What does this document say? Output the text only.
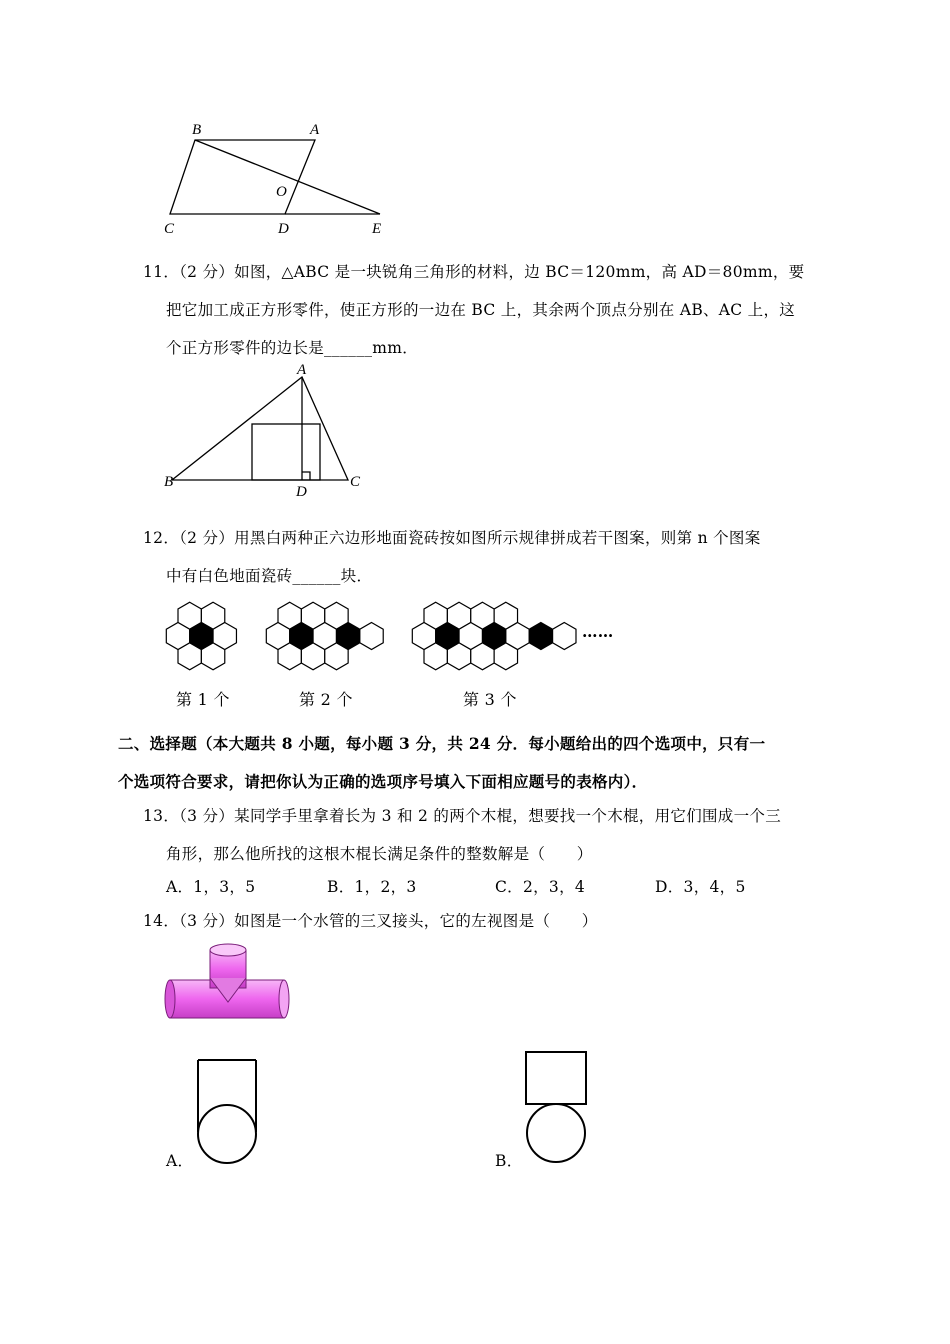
B	A
O
C	D	E
11．（2 分）如图，△ABC 是一块锐角三角形的材料，边 BC＝120mm，高 AD＝80mm，要
把它加工成正方形零件，使正方形的一边在 BC 上，其余两个顶点分别在 AB、AC 上，这
个正方形零件的边长是______mm．
A
B	C
D
12．（2 分）用黑白两种正六边形地面瓷砖按如图所示规律拼成若干图案，则第 n 个图案
中有白色地面瓷砖______块．
第 1 个	第 2 个	第 3 个
……
二、选择题（本大题共 8 小题，每小题 3 分，共 24 分．每小题给出的四个选项中，只有一
个选项符合要求，请把你认为正确的选项序号填入下面相应题号的表格内）．
13．（3 分）某同学手里拿着长为 3 和 2 的两个木棍，想要找一个木棍，用它们围成一个三
角形，那么他所找的这根木棍长满足条件的整数解是（　　）
A．1，3，5	B．1，2，3	C．2，3，4	D．3，4，5
14．（3 分）如图是一个水管的三叉接头，它的左视图是（　　）
A．	B．
